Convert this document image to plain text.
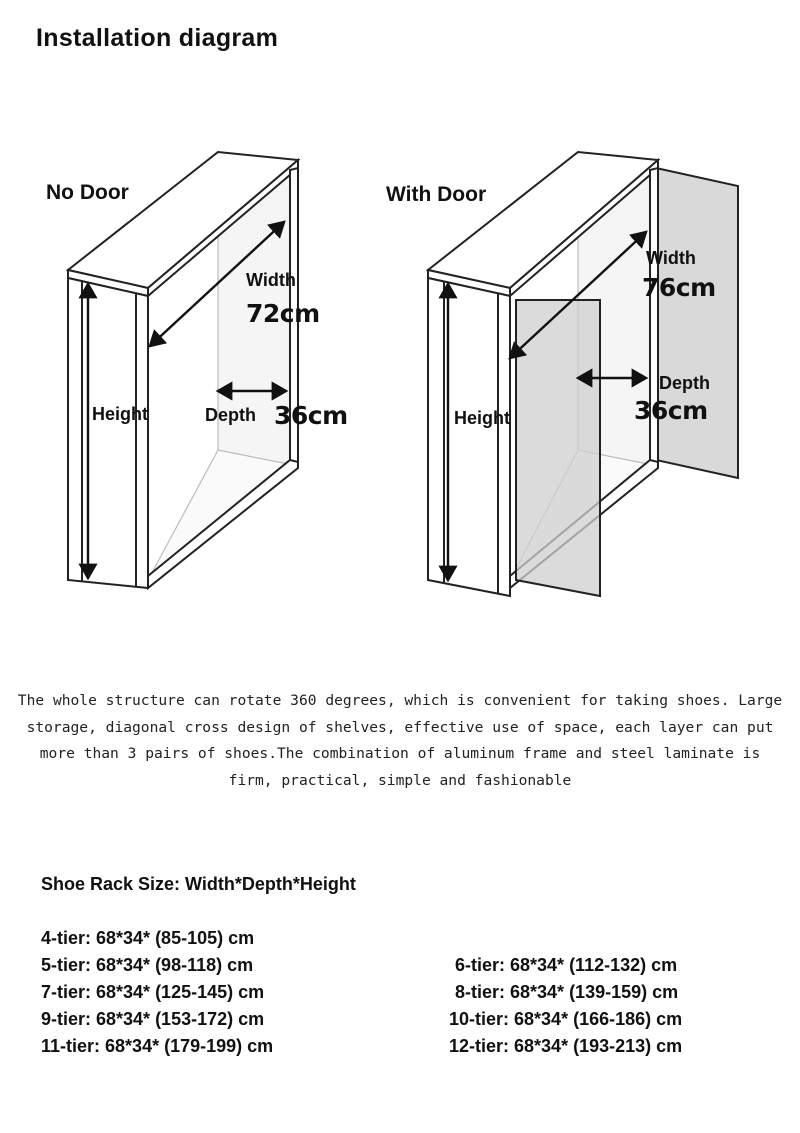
Installation diagram
No Door
Width
72cm
Height	Depth 36cm
With Door
Width
76cm
Height
Depth
36cm
The whole structure can rotate 360 degrees, which is convenient for taking shoes. Large storage, diagonal cross design of shelves, effective use of space, each layer can put more than 3 pairs of shoes.The combination of aluminum frame and steel laminate is firm, practical, simple and fashionable
Shoe Rack Size: Width*Depth*Height
4-tier: 68*34* (85-105) cm
5-tier: 68*34* (98-118) cm	6-tier: 68*34* (112-132) cm
7-tier: 68*34* (125-145) cm	8-tier: 68*34* (139-159) cm
9-tier: 68*34* (153-172) cm	10-tier: 68*34* (166-186) cm
11-tier: 68*34* (179-199) cm	12-tier: 68*34* (193-213) cm
